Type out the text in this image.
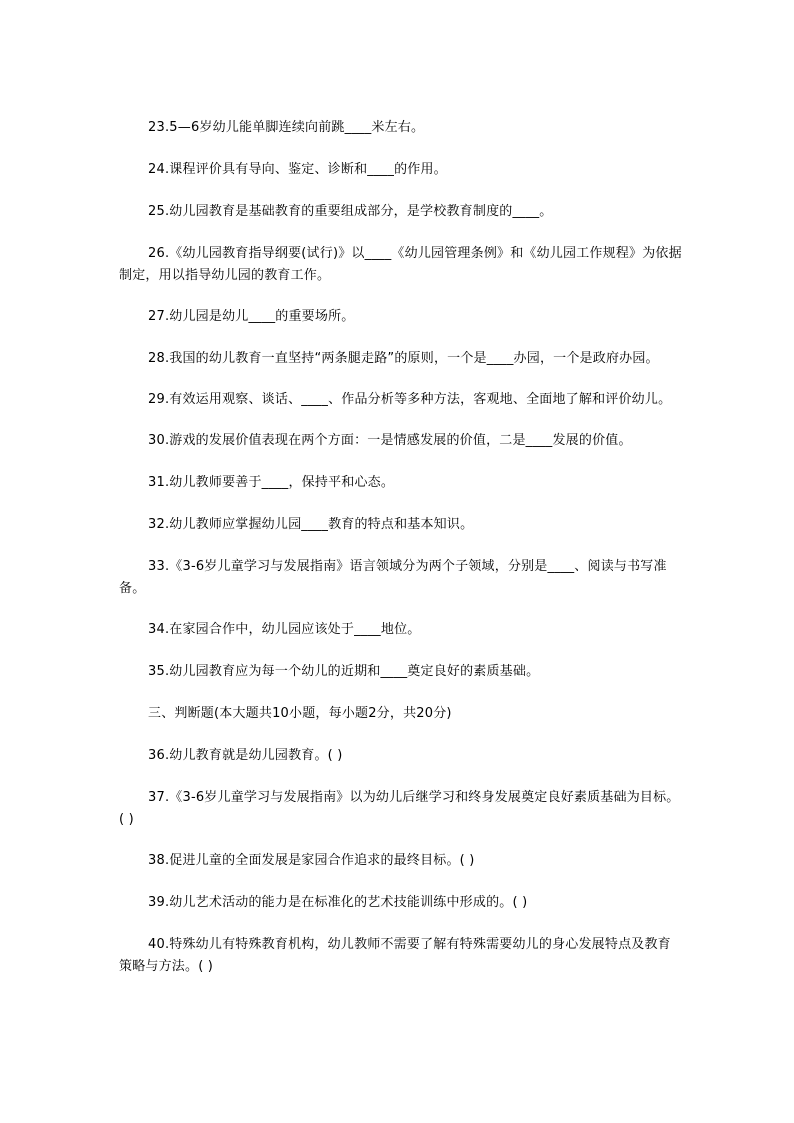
23.5—6岁幼儿能单脚连续向前跳____米左右。

24.课程评价具有导向、鉴定、诊断和____的作用。

25.幼儿园教育是基础教育的重要组成部分，是学校教育制度的____。

26.《幼儿园教育指导纲要(试行)》以____《幼儿园管理条例》和《幼儿园工作规程》为依据制定，用以指导幼儿园的教育工作。

27.幼儿园是幼儿____的重要场所。

28.我国的幼儿教育一直坚持“两条腿走路”的原则，一个是____办园，一个是政府办园。

29.有效运用观察、谈话、____、作品分析等多种方法，客观地、全面地了解和评价幼儿。

30.游戏的发展价值表现在两个方面：一是情感发展的价值，二是____发展的价值。

31.幼儿教师要善于____，保持平和心态。

32.幼儿教师应掌握幼儿园____教育的特点和基本知识。

33.《3-6岁儿童学习与发展指南》语言领域分为两个子领域，分别是____、阅读与书写准备。

34.在家园合作中，幼儿园应该处于____地位。

35.幼儿园教育应为每一个幼儿的近期和____奠定良好的素质基础。

三、判断题(本大题共10小题，每小题2分，共20分)

36.幼儿教育就是幼儿园教育。( )

37.《3-6岁儿童学习与发展指南》以为幼儿后继学习和终身发展奠定良好素质基础为目标。( )

38.促进儿童的全面发展是家园合作追求的最终目标。( )

39.幼儿艺术活动的能力是在标准化的艺术技能训练中形成的。( )

40.特殊幼儿有特殊教育机构，幼儿教师不需要了解有特殊需要幼儿的身心发展特点及教育策略与方法。( )
